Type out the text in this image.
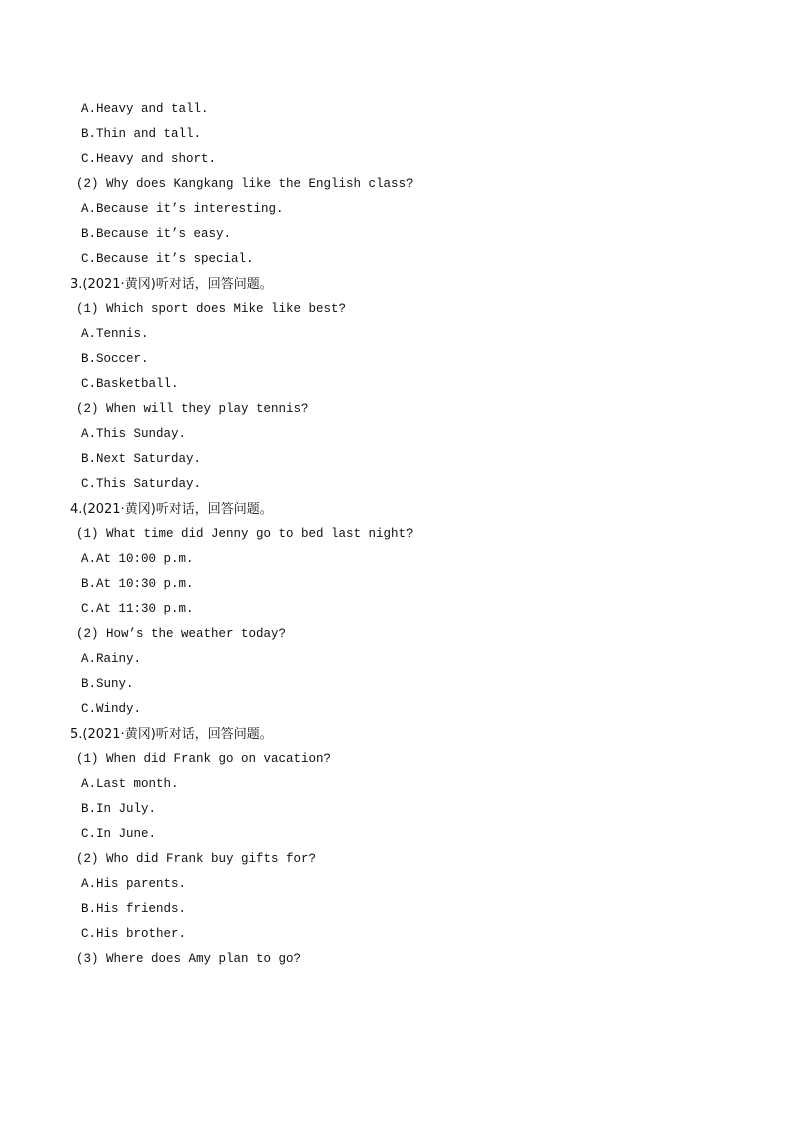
A.Heavy and tall.
B.Thin and tall.
C.Heavy and short.
(2) Why does Kangkang like the English class?
A.Because it’s interesting.
B.Because it’s easy.
C.Because it’s special.
3.(2021·黄冈)听对话，回答问题。
(1) Which sport does Mike like best?
A.Tennis.
B.Soccer.
C.Basketball.
(2) When will they play tennis?
A.This Sunday.
B.Next Saturday.
C.This Saturday.
4.(2021·黄冈)听对话，回答问题。
(1) What time did Jenny go to bed last night?
A.At 10:00 p.m.
B.At 10:30 p.m.
C.At 11:30 p.m.
(2) How’s the weather today?
A.Rainy.
B.Suny.
C.Windy.
5.(2021·黄冈)听对话，回答问题。
(1) When did Frank go on vacation?
A.Last month.
B.In July.
C.In June.
(2) Who did Frank buy gifts for?
A.His parents.
B.His friends.
C.His brother.
(3) Where does Amy plan to go?
